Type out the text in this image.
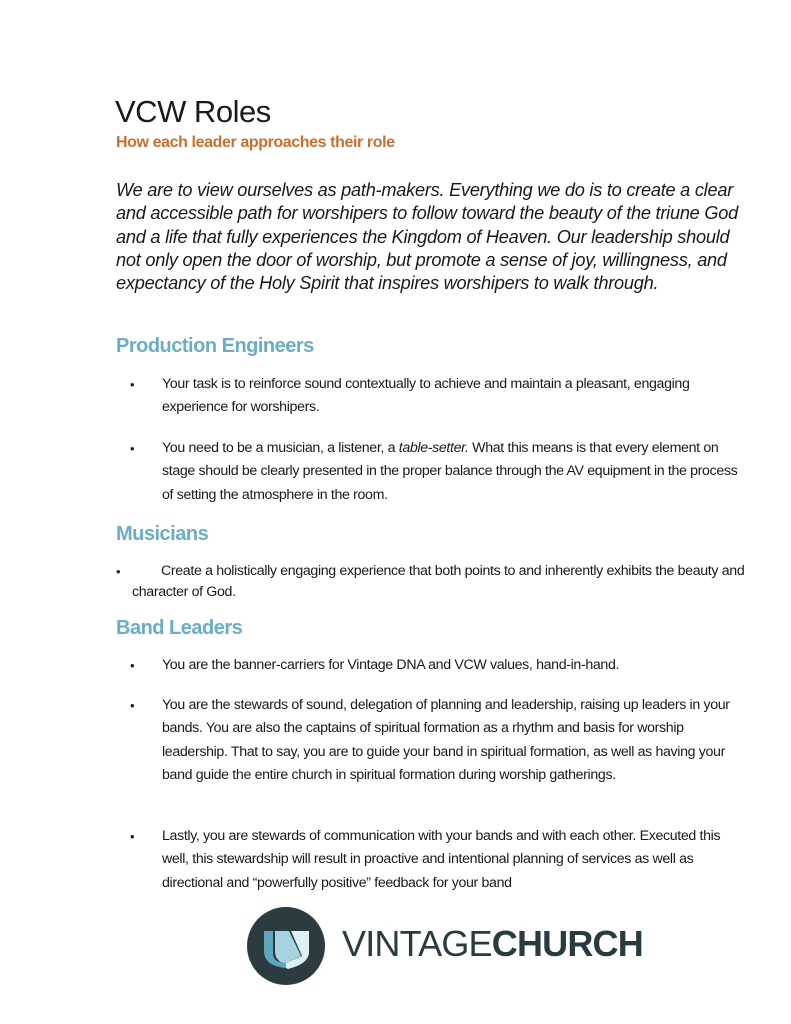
VCW Roles
How each leader approaches their role

We are to view ourselves as path-makers. Everything we do is to create a clear and accessible path for worshipers to follow toward the beauty of the triune God and a life that fully experiences the Kingdom of Heaven. Our leadership should not only open the door of worship, but promote a sense of joy, willingness, and expectancy of the Holy Spirit that inspires worshipers to walk through.

Production Engineers
• Your task is to reinforce sound contextually to achieve and maintain a pleasant, engaging experience for worshipers.

• You need to be a musician, a listener, a table-setter. What this means is that every element on stage should be clearly presented in the proper balance through the AV equipment in the process of setting the atmosphere in the room.

Musicians
•	Create a holistically engaging experience that both points to and inherently exhibits the beauty and character of God.

Band Leaders
• You are the banner-carriers for Vintage DNA and VCW values, hand-in-hand.

• You are the stewards of sound, delegation of planning and leadership, raising up leaders in your bands. You are also the captains of spiritual formation as a rhythm and basis for worship leadership. That to say, you are to guide your band in spiritual formation, as well as having your band guide the entire church in spiritual formation during worship gatherings.

• Lastly, you are stewards of communication with your bands and with each other. Executed this well, this stewardship will result in proactive and intentional planning of services as well as directional and “powerfully positive” feedback for your band

VINTAGECHURCH
